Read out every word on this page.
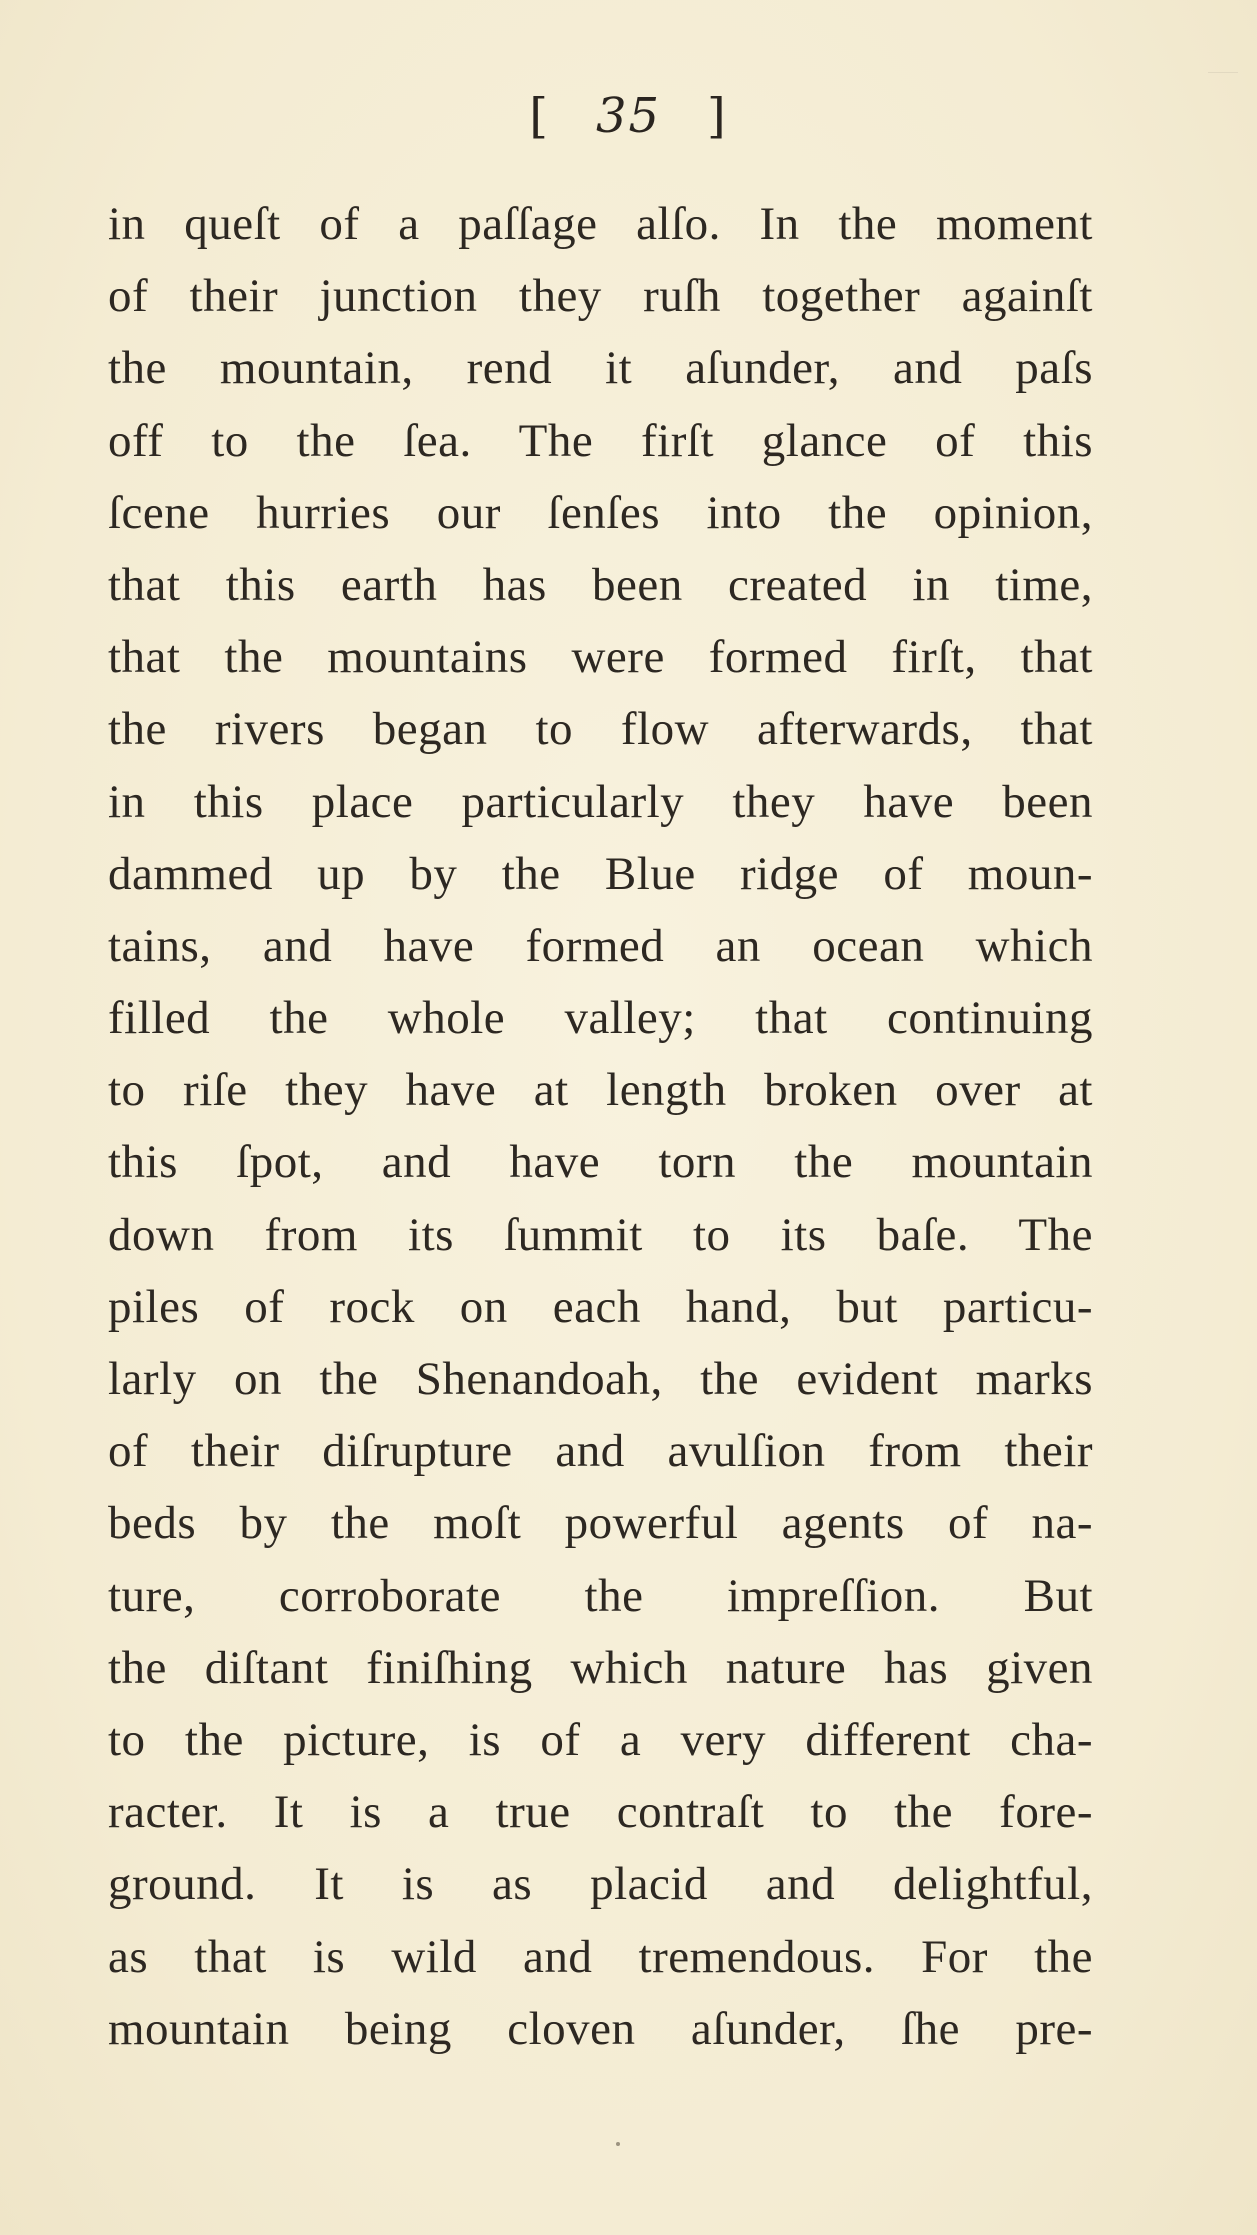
[ 35 ]
in queſt of a paſſage alſo. In the moment
of their junction they ruſh together againſt
the mountain, rend it aſunder, and paſs
off to the ſea. The firſt glance of this
ſcene hurries our ſenſes into the opinion,
that this earth has been created in time,
that the mountains were formed firſt, that
the rivers began to flow afterwards, that
in this place particularly they have been
dammed up by the Blue ridge of moun-
tains, and have formed an ocean which
filled the whole valley; that continuing
to riſe they have at length broken over at
this ſpot, and have torn the mountain
down from its ſummit to its baſe. The
piles of rock on each hand, but particu-
larly on the Shenandoah, the evident marks
of their diſrupture and avulſion from their
beds by the moſt powerful agents of na-
ture, corroborate the impreſſion. But
the diſtant finiſhing which nature has given
to the picture, is of a very different cha-
racter. It is a true contraſt to the fore-
ground. It is as placid and delightful,
as that is wild and tremendous. For the
mountain being cloven aſunder, ſhe pre-
